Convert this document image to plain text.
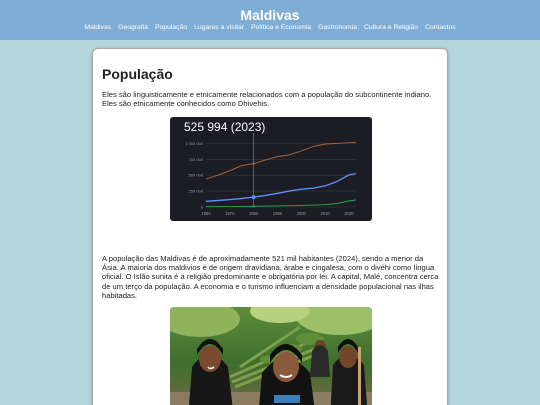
Maldivas
Maldivas Geografia População Lugares a visitar Política e Economia Gastronomia Cultura e Religião Contactos
População

Eles são linguisticamente e etnicamente relacionados com a população do subcontinente indiano. Eles são etnicamente conhecidos como Dhivehis.

525 994 (2023)
1 000 000
750 000
500 000
250 000
0
1960	1970	1980	1990	2000	2010	2020

A população das Maldivas é de aproximadamente 521 mil habitantes (2024), sendo a menor da Ásia. A maioria dos maldivios é de origem dravidiana, árabe e cingalesa, com o divéhi como língua oficial. O Islão sunita é a religião predominante e obrigatória por lei. A capital, Malé, concentra cerca de um terço da população. A economia e o turismo influenciam a densidade populacional nas ilhas habitadas.
